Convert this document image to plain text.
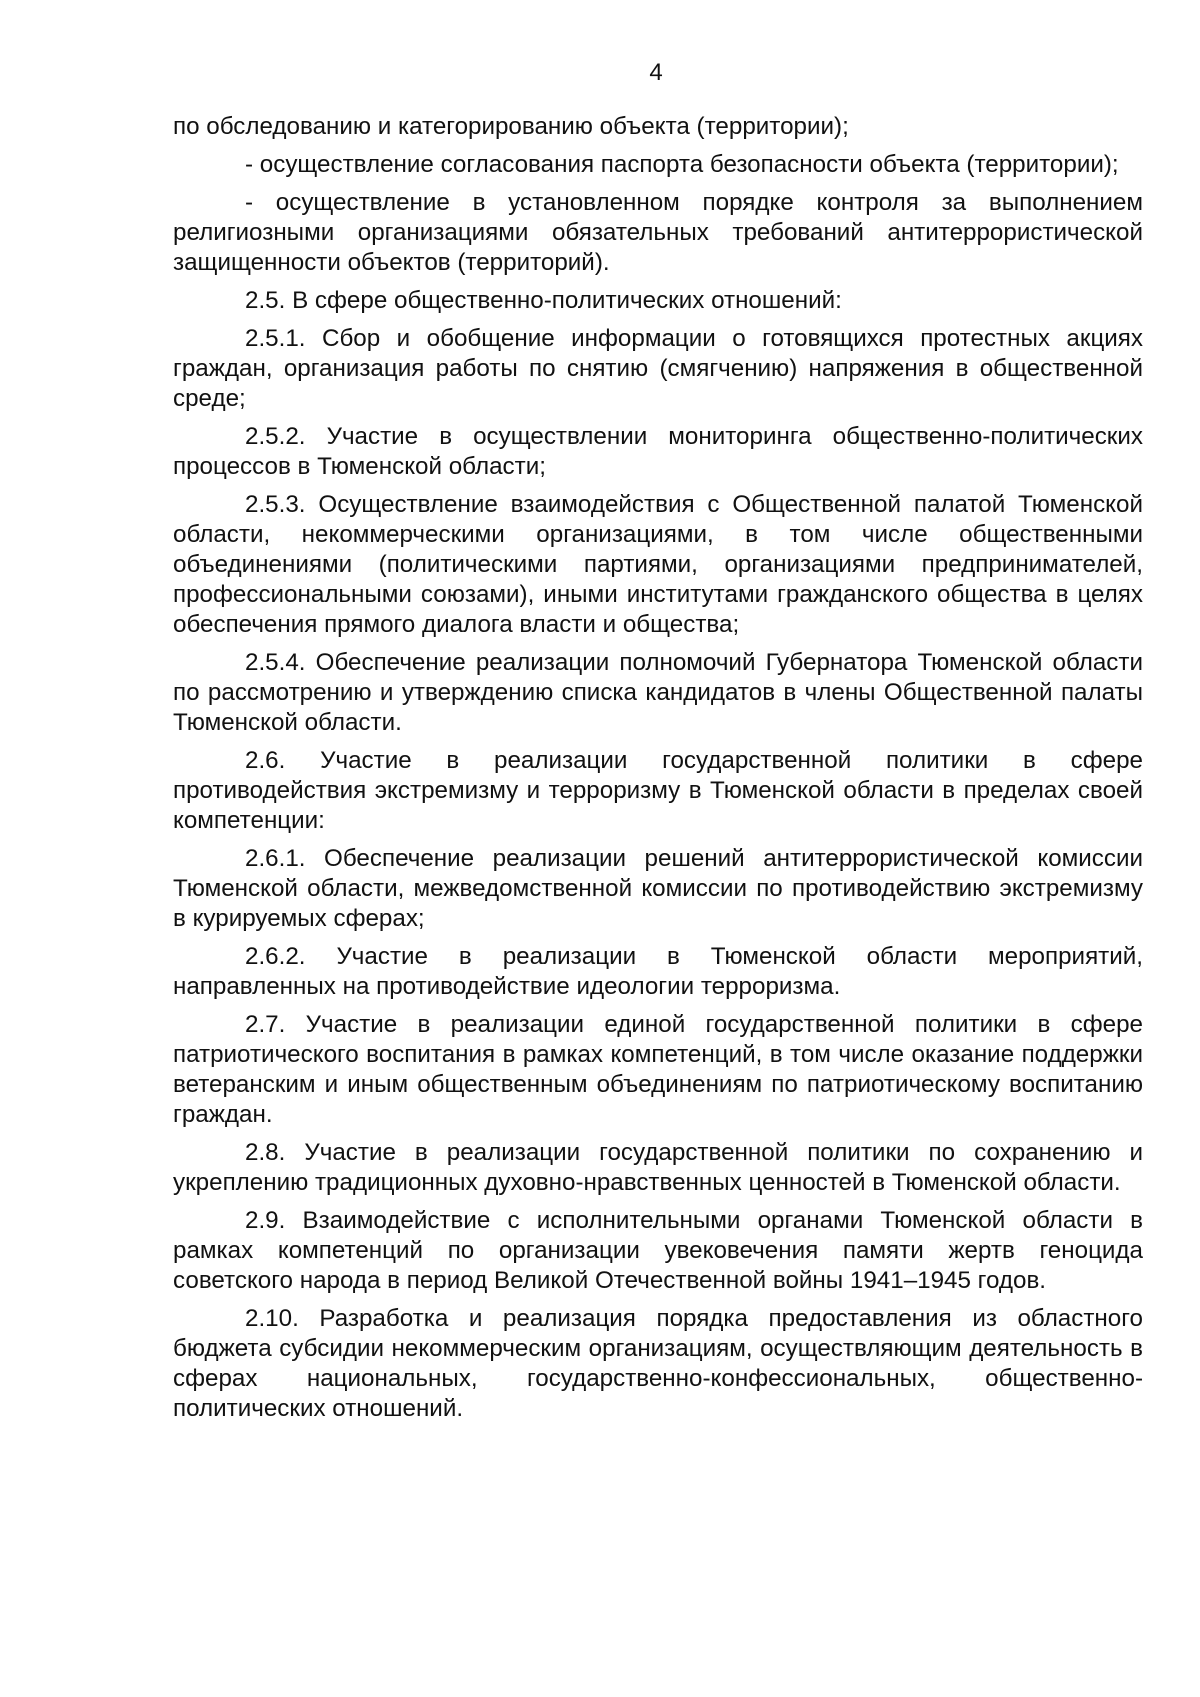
4

по обследованию и категорированию объекта (территории);

- осуществление согласования паспорта безопасности объекта (территории);

- осуществление в установленном порядке контроля за выполнением религиозными организациями обязательных требований антитеррористической защищенности объектов (территорий).

2.5. В сфере общественно-политических отношений:

2.5.1. Сбор и обобщение информации о готовящихся протестных акциях граждан, организация работы по снятию (смягчению) напряжения в общественной среде;

2.5.2. Участие в осуществлении мониторинга общественно-политических процессов в Тюменской области;

2.5.3. Осуществление взаимодействия с Общественной палатой Тюменской области, некоммерческими организациями, в том числе общественными объединениями (политическими партиями, организациями предпринимателей, профессиональными союзами), иными институтами гражданского общества в целях обеспечения прямого диалога власти и общества;

2.5.4. Обеспечение реализации полномочий Губернатора Тюменской области по рассмотрению и утверждению списка кандидатов в члены Общественной палаты Тюменской области.

2.6. Участие в реализации государственной политики в сфере противодействия экстремизму и терроризму в Тюменской области в пределах своей компетенции:

2.6.1. Обеспечение реализации решений антитеррористической комиссии Тюменской области, межведомственной комиссии по противодействию экстремизму в курируемых сферах;

2.6.2. Участие в реализации в Тюменской области мероприятий, направленных на противодействие идеологии терроризма.

2.7. Участие в реализации единой государственной политики в сфере патриотического воспитания в рамках компетенций, в том числе оказание поддержки ветеранским и иным общественным объединениям по патриотическому воспитанию граждан.

2.8. Участие в реализации государственной политики по сохранению и укреплению традиционных духовно-нравственных ценностей в Тюменской области.

2.9. Взаимодействие с исполнительными органами Тюменской области в рамках компетенций по организации увековечения памяти жертв геноцида советского народа в период Великой Отечественной войны 1941–1945 годов.

2.10. Разработка и реализация порядка предоставления из областного бюджета субсидии некоммерческим организациям, осуществляющим деятельность в сферах национальных, государственно-конфессиональных, общественно-политических отношений.
